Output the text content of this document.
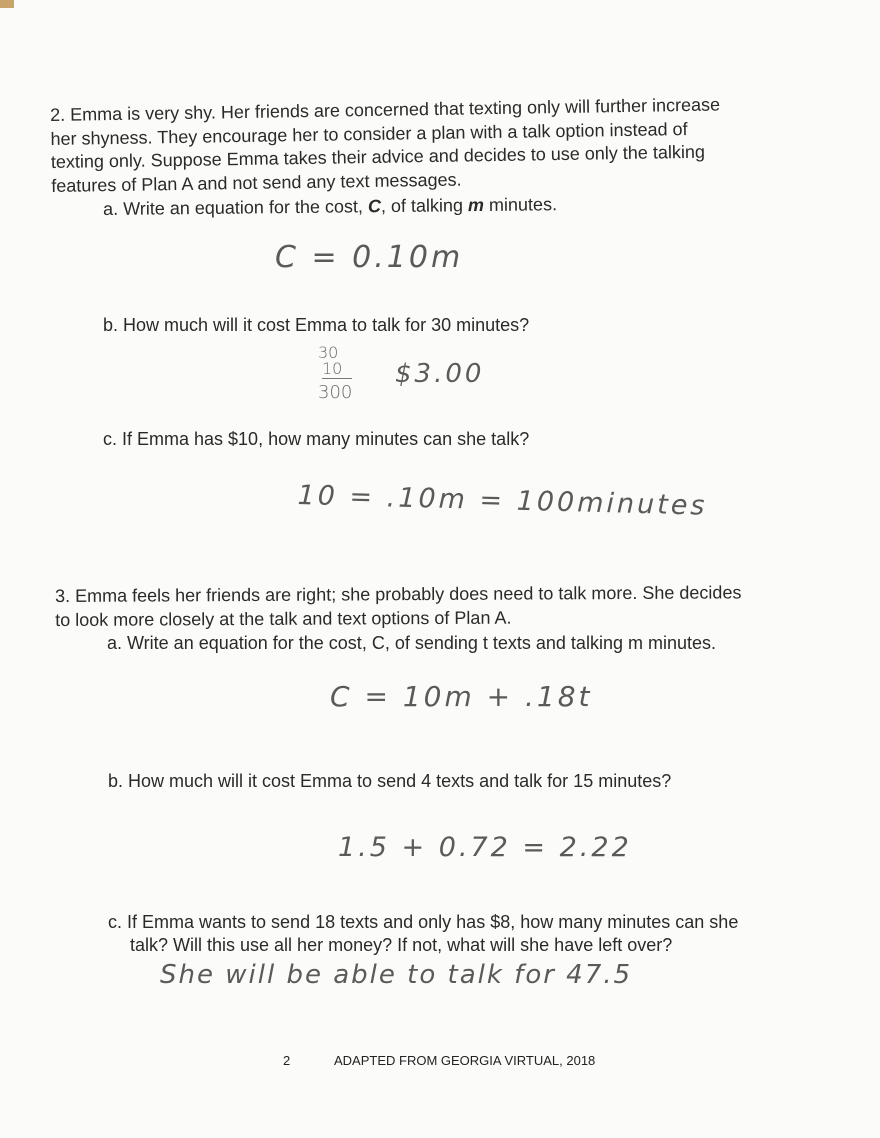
2. Emma is very shy. Her friends are concerned that texting only will further increase

her shyness. They encourage her to consider a plan with a talk option instead of

texting only. Suppose Emma takes their advice and decides to use only the talking

features of Plan A and not send any text messages.

a. Write an equation for the cost, C, of talking m minutes.
C = 0.10m
b. How much will it cost Emma to talk for 30 minutes?
30
10
300
$3.00
c. If Emma has $10, how many minutes can she talk?
10 = .10m = 100minutes

3. Emma feels her friends are right; she probably does need to talk more. She decides

to look more closely at the talk and text options of Plan A.

a. Write an equation for the cost, C, of sending t texts and talking m minutes.
C = 10m + .18t
b. How much will it cost Emma to send 4 texts and talk for 15 minutes?
1.5 + 0.72 = 2.22
c. If Emma wants to send 18 texts and only has $8, how many minutes can she
talk? Will this use all her money? If not, what will she have left over?
She will be able to talk for 47.5
2	ADAPTED FROM GEORGIA VIRTUAL, 2018
